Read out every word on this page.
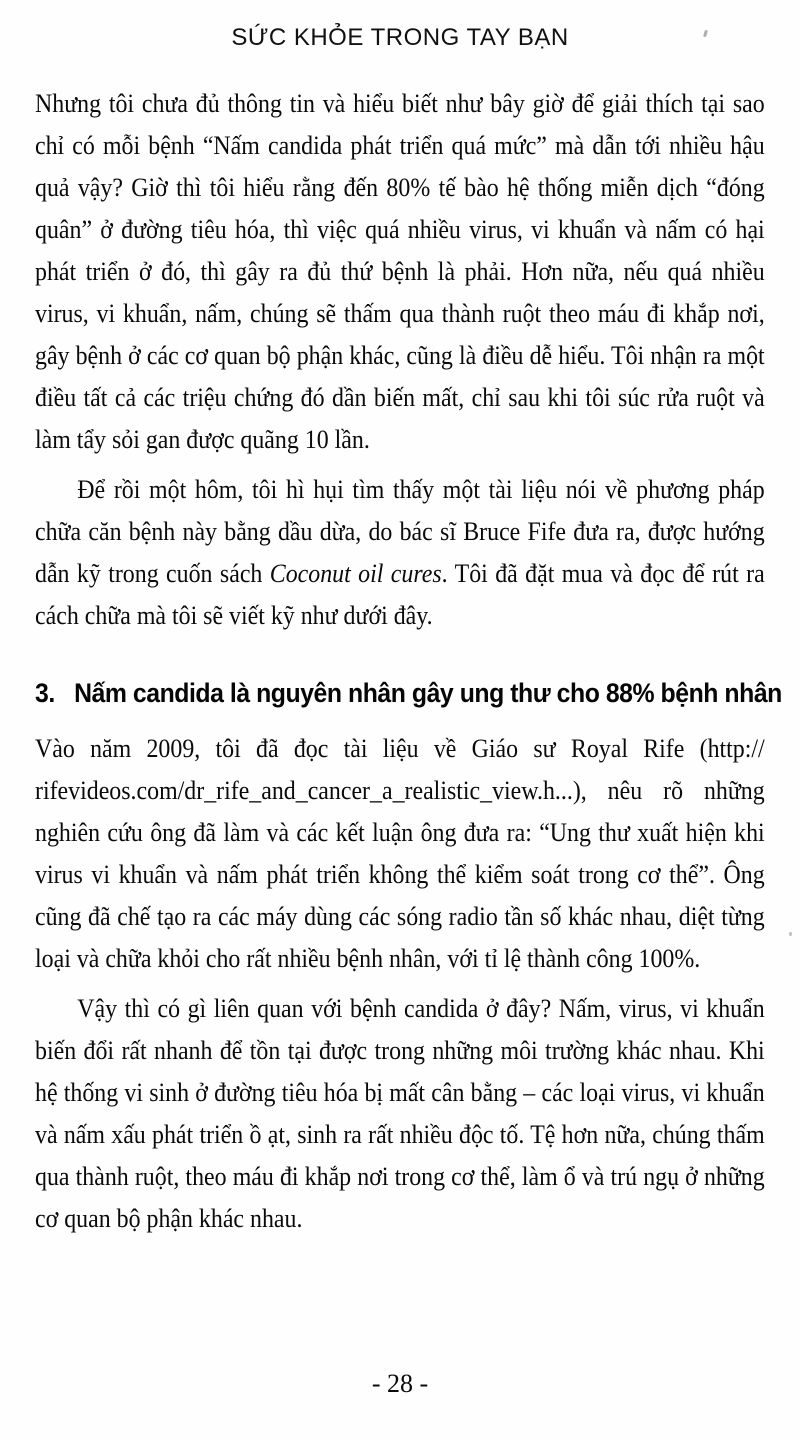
SỨC KHỎE TRONG TAY BẠN

Nhưng tôi chưa đủ thông tin và hiểu biết như bây giờ để giải thích tại sao chỉ có mỗi bệnh “Nấm candida phát triển quá mức” mà dẫn tới nhiều hậu quả vậy? Giờ thì tôi hiểu rằng đến 80% tế bào hệ thống miễn dịch “đóng quân” ở đường tiêu hóa, thì việc quá nhiều virus, vi khuẩn và nấm có hại phát triển ở đó, thì gây ra đủ thứ bệnh là phải. Hơn nữa, nếu quá nhiều virus, vi khuẩn, nấm, chúng sẽ thấm qua thành ruột theo máu đi khắp nơi, gây bệnh ở các cơ quan bộ phận khác, cũng là điều dễ hiểu. Tôi nhận ra một điều tất cả các triệu chứng đó dần biến mất, chỉ sau khi tôi súc rửa ruột và làm tẩy sỏi gan được quãng 10 lần.

Để rồi một hôm, tôi hì hụi tìm thấy một tài liệu nói về phương pháp chữa căn bệnh này bằng dầu dừa, do bác sĩ Bruce Fife đưa ra, được hướng dẫn kỹ trong cuốn sách Coconut oil cures. Tôi đã đặt mua và đọc để rút ra cách chữa mà tôi sẽ viết kỹ như dưới đây.

3. Nấm candida là nguyên nhân gây ung thư cho 88% bệnh nhân

Vào năm 2009, tôi đã đọc tài liệu về Giáo sư Royal Rife (http://​rifevideos.com/dr_rife_and_cancer_a_realistic_view.h...), nêu rõ những nghiên cứu ông đã làm và các kết luận ông đưa ra: “Ung thư xuất hiện khi virus vi khuẩn và nấm phát triển không thể kiểm soát trong cơ thể”. Ông cũng đã chế tạo ra các máy dùng các sóng radio tần số khác nhau, diệt từng loại và chữa khỏi cho rất nhiều bệnh nhân, với tỉ lệ thành công 100%.

Vậy thì có gì liên quan với bệnh candida ở đây? Nấm, virus, vi khuẩn biến đổi rất nhanh để tồn tại được trong những môi trường khác nhau. Khi hệ thống vi sinh ở đường tiêu hóa bị mất cân bằng – các loại virus, vi khuẩn và nấm xấu phát triển ồ ạt, sinh ra rất nhiều độc tố. Tệ hơn nữa, chúng thấm qua thành ruột, theo máu đi khắp nơi trong cơ thể, làm ổ và trú ngụ ở những cơ quan bộ phận khác nhau.

- 28 -
